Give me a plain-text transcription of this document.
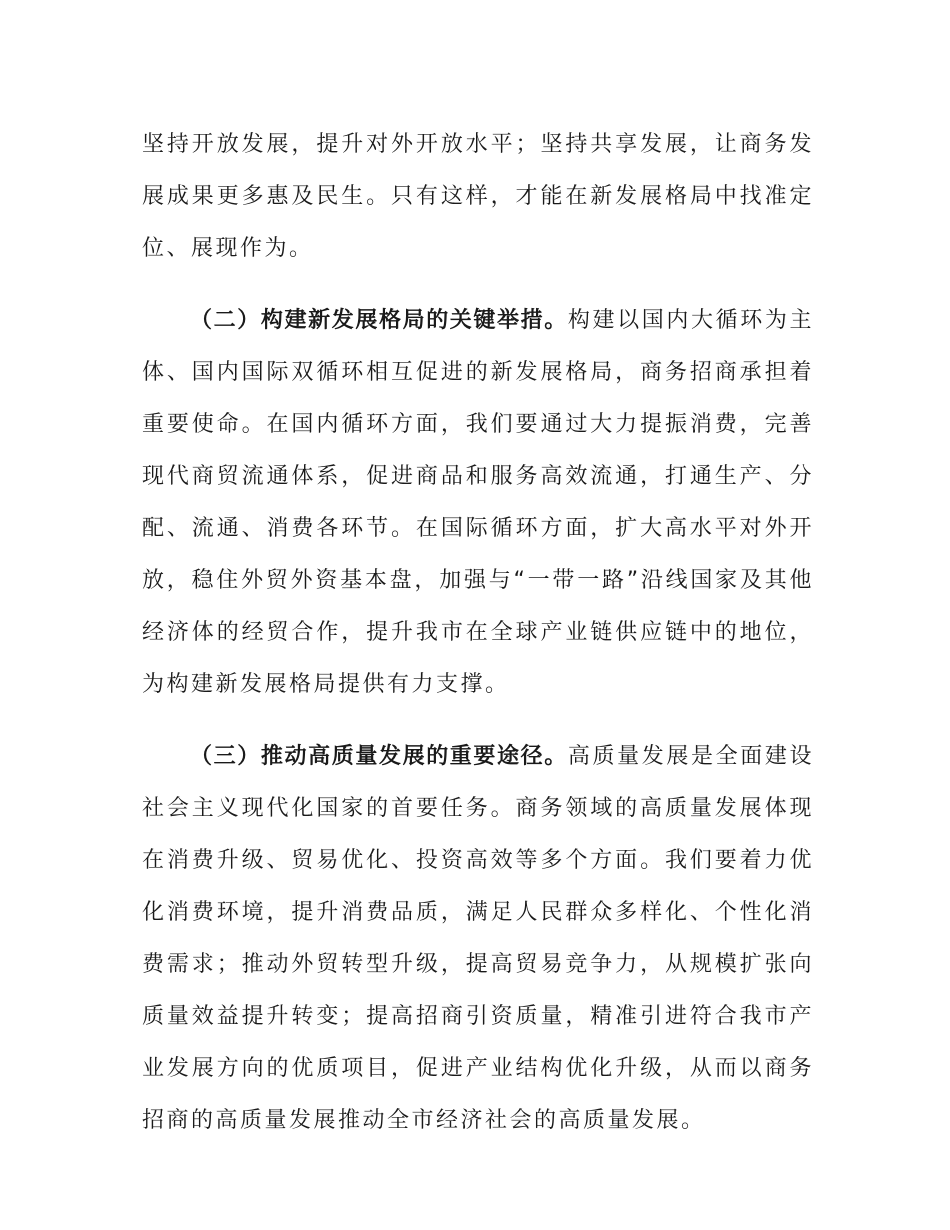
坚持开放发展，提升对外开放水平；坚持共享发展，让商务发展成果更多惠及民生。只有这样，才能在新发展格局中找准定位、展现作为。

（二）构建新发展格局的关键举措。构建以国内大循环为主体、国内国际双循环相互促进的新发展格局，商务招商承担着重要使命。在国内循环方面，我们要通过大力提振消费，完善现代商贸流通体系，促进商品和服务高效流通，打通生产、分配、流通、消费各环节。在国际循环方面，扩大高水平对外开放，稳住外贸外资基本盘，加强与“一带一路”沿线国家及其他经济体的经贸合作，提升我市在全球产业链供应链中的地位，为构建新发展格局提供有力支撑。

（三）推动高质量发展的重要途径。高质量发展是全面建设社会主义现代化国家的首要任务。商务领域的高质量发展体现在消费升级、贸易优化、投资高效等多个方面。我们要着力优化消费环境，提升消费品质，满足人民群众多样化、个性化消费需求；推动外贸转型升级，提高贸易竞争力，从规模扩张向质量效益提升转变；提高招商引资质量，精准引进符合我市产业发展方向的优质项目，促进产业结构优化升级，从而以商务招商的高质量发展推动全市经济社会的高质量发展。
